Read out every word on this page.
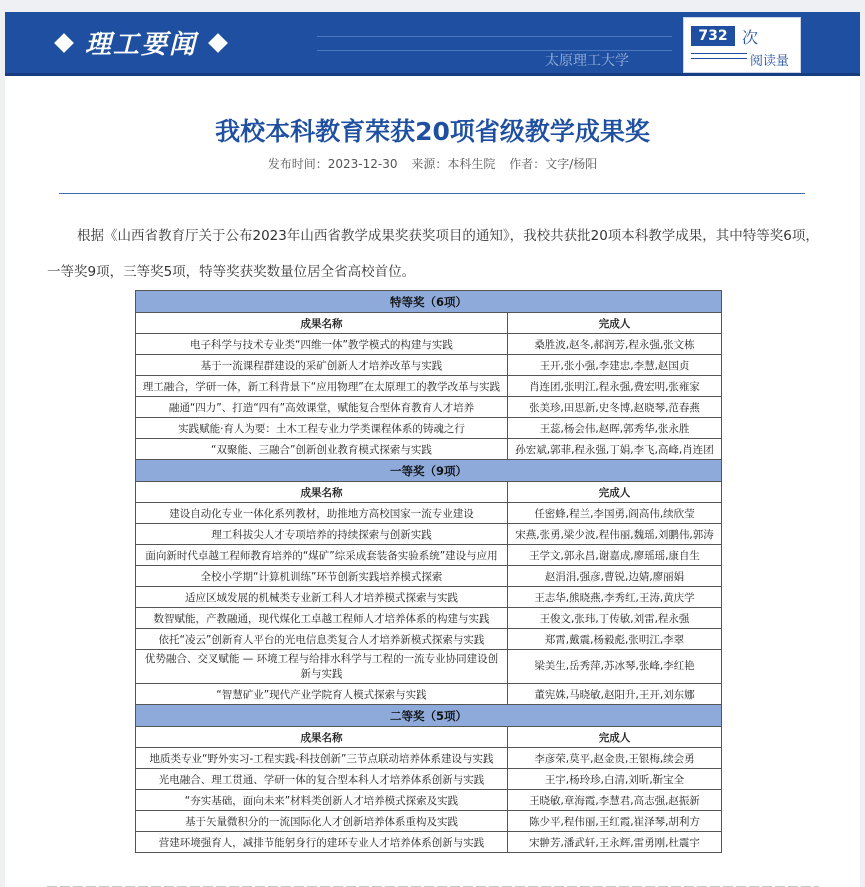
理工要闻
太原理工大学
732 次
阅读量
我校本科教育荣获20项省级教学成果奖
发布时间：2023-12-30 来源：本科生院 作者：文字/杨阳

根据《山西省教育厅关于公布2023年山西省教学成果奖获奖项目的通知》，我校共获批20项本科教学成果，其中特等奖6项，一等奖9项，三等奖5项，特等奖获奖数量位居全省高校首位。

特等奖（6项）	
成果名称	完成人
电子科学与技术专业类“四维一体”教学模式的构建与实践	桑胜波,赵冬,郝润芳,程永强,张文栋
基于一流课程群建设的采矿创新人才培养改革与实践	王开,张小强,李建忠,李慧,赵国贞
理工融合，学研一体，新工科背景下“应用物理”在太原理工的教学改革与实践	肖连团,张明江,程永强,费宏明,张雍家
融通“四力”、打造“四有”高效课堂，赋能复合型体育教育人才培养	张美珍,田思新,史冬博,赵晓琴,范春燕
实践赋能·育人为要：土木工程专业力学类课程体系的铸魂之行	王蕊,杨会伟,赵晖,郭秀华,张永胜
“双聚能、三融合”创新创业教育模式探索与实践	孙宏斌,郭菲,程永强,丁娟,李飞,高峰,肖连团
一等奖（9项）	
成果名称	完成人
建设自动化专业一体化系列教材，助推地方高校国家一流专业建设	任密蜂,程兰,李国勇,阎高伟,续欣莹
理工科拔尖人才专项培养的持续探索与创新实践	宋燕,张勇,梁少波,程伟丽,魏瑶,刘鹏伟,郭涛
面向新时代卓越工程师教育培养的“煤矿”综采成套装备实验系统”建设与应用	王学文,郭永昌,谢嘉成,廖瑶瑶,康自生
全校小学期“计算机训练”环节创新实践培养模式探索	赵涓涓,强彦,曹锐,边婧,廖丽娟
适应区域发展的机械类专业新工科人才培养模式探索与实践	王志华,熊晓燕,李秀红,王涛,黄庆学
数智赋能，产教融通，现代煤化工卓越工程师人才培养体系的构建与实践	王俊文,张玮,丁传敏,刘雷,程永强
依托“凌云”创新育人平台的光电信息类复合人才培养新模式探索与实践	郑霄,戴震,杨毅彪,张明江,李翠
优势融合、交叉赋能 — 环境工程与给排水科学与工程的一流专业协同建设创新与实践	梁美生,岳秀萍,苏冰琴,张峰,李红艳
“智慧矿业”现代产业学院育人模式探索与实践	董宪姝,马晓敏,赵阳升,王开,刘东娜
二等奖（5项）	
成果名称	完成人
地质类专业“野外实习-工程实践-科技创新”三节点联动培养体系建设与实践	李彦荣,莫平,赵金贵,王银梅,续会勇
光电融合、理工贯通、学研一体的复合型本科人才培养体系创新与实践	王宇,杨玲珍,白清,刘昕,靳宝全
“夯实基础，面向未来”材料类创新人才培养模式探索及实践	王晓敏,章海霞,李慧君,高志强,赵振新
基于矢量微积分的一流国际化人才创新培养体系重构及实践	陈少平,程伟丽,王红霞,崔泽琴,胡利方
营建环境强育人，减排节能躬身行的建环专业人才培养体系创新与实践	宋翀芳,潘武轩,王永辉,雷勇刚,杜震宇
